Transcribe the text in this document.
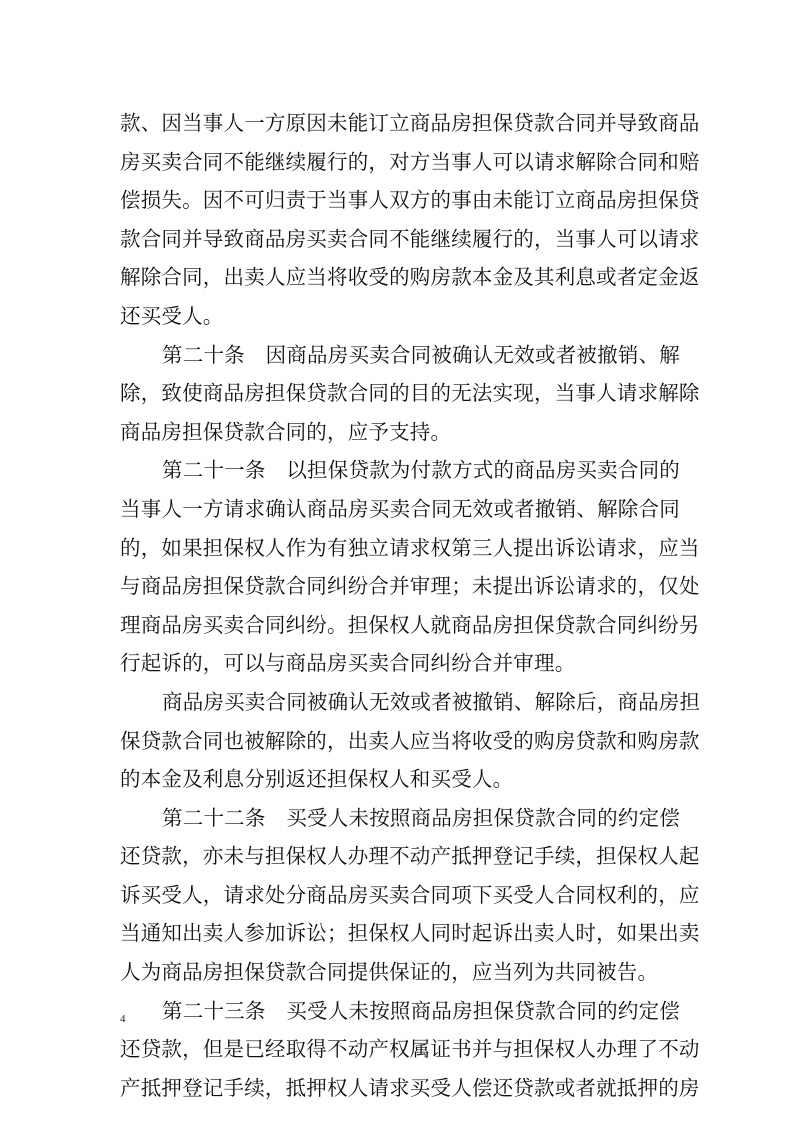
款、因当事人一方原因未能订立商品房担保贷款合同并导致商品
房买卖合同不能继续履行的，对方当事人可以请求解除合同和赔
偿损失。因不可归责于当事人双方的事由未能订立商品房担保贷
款合同并导致商品房买卖合同不能继续履行的，当事人可以请求
解除合同，出卖人应当将收受的购房款本金及其利息或者定金返
还买受人。
第二十条　因商品房买卖合同被确认无效或者被撤销、解
除，致使商品房担保贷款合同的目的无法实现，当事人请求解除
商品房担保贷款合同的，应予支持。
第二十一条　以担保贷款为付款方式的商品房买卖合同的
当事人一方请求确认商品房买卖合同无效或者撤销、解除合同
的，如果担保权人作为有独立请求权第三人提出诉讼请求，应当
与商品房担保贷款合同纠纷合并审理；未提出诉讼请求的，仅处
理商品房买卖合同纠纷。担保权人就商品房担保贷款合同纠纷另
行起诉的，可以与商品房买卖合同纠纷合并审理。
商品房买卖合同被确认无效或者被撤销、解除后，商品房担
保贷款合同也被解除的，出卖人应当将收受的购房贷款和购房款
的本金及利息分别返还担保权人和买受人。
第二十二条　买受人未按照商品房担保贷款合同的约定偿
还贷款，亦未与担保权人办理不动产抵押登记手续，担保权人起
诉买受人，请求处分商品房买卖合同项下买受人合同权利的，应
当通知出卖人参加诉讼；担保权人同时起诉出卖人时，如果出卖
人为商品房担保贷款合同提供保证的，应当列为共同被告。
第二十三条　买受人未按照商品房担保贷款合同的约定偿
还贷款，但是已经取得不动产权属证书并与担保权人办理了不动
产抵押登记手续，抵押权人请求买受人偿还贷款或者就抵押的房
4
